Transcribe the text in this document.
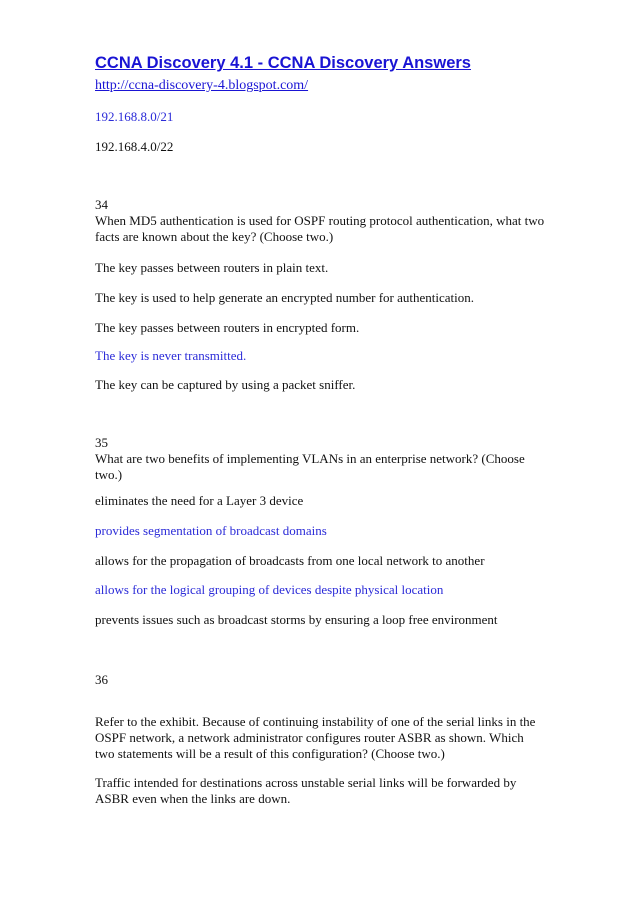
CCNA Discovery 4.1 - CCNA Discovery Answers
http://ccna-discovery-4.blogspot.com/
192.168.8.0/21
192.168.4.0/22
34
When MD5 authentication is used for OSPF routing protocol authentication, what two facts are known about the key? (Choose two.)
The key passes between routers in plain text.
The key is used to help generate an encrypted number for authentication.
The key passes between routers in encrypted form.
The key is never transmitted.
The key can be captured by using a packet sniffer.
35
What are two benefits of implementing VLANs in an enterprise network? (Choose two.)
eliminates the need for a Layer 3 device
provides segmentation of broadcast domains
allows for the propagation of broadcasts from one local network to another
allows for the logical grouping of devices despite physical location
prevents issues such as broadcast storms by ensuring a loop free environment
36
Refer to the exhibit. Because of continuing instability of one of the serial links in the OSPF network, a network administrator configures router ASBR as shown. Which two statements will be a result of this configuration? (Choose two.)
Traffic intended for destinations across unstable serial links will be forwarded by ASBR even when the links are down.
